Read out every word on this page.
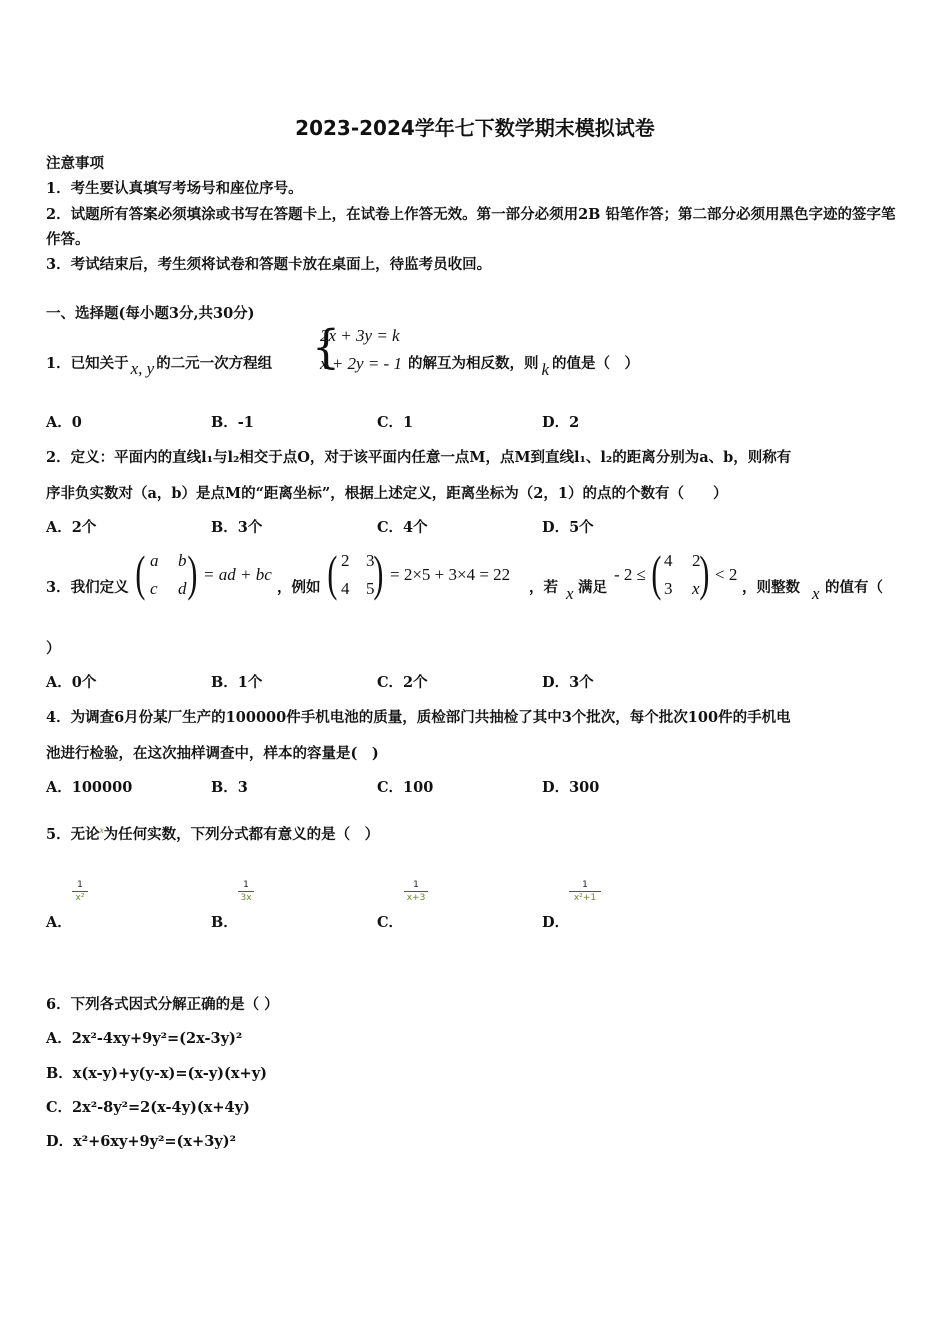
2023-2024学年七下数学期末模拟试卷
注意事项
1．考生要认真填写考场号和座位序号。
2．试题所有答案必须填涂或书写在答题卡上，在试卷上作答无效。第一部分必须用2B 铅笔作答；第二部分必须用黑色字迹的签字笔作答。
3．考试结束后，考生须将试卷和答题卡放在桌面上，待监考员收回。
一、选择题(每小题3分,共30分)
1．已知关于 x, y 的二元一次方程组 {
2x + 3y = k
x + 2y = - 1 的解互为相反数，则 k 的值是（　）
A．0	B．-1	C．1	D．2
2．定义：平面内的直线l₁与l₂相交于点O，对于该平面内任意一点M，点M到直线l₁、l₂的距离分别为a、b，则称有
序非负实数对（a，b）是点M的“距离坐标”，根据上述定义，距离坐标为（2，1）的点的个数有（　　）
A．2个	B．3个	C．4个	D．5个
3．我们定义 ( )
a b
c d
= ad + bc
，例如 ( )
2 3
4 5
= 2×5 + 3×4 = 22
，若 x 满足
- 2 ≤ ( )
4 2
3 x
< 2
，则整数 x 的值有（
）
A．0个	B．1个	C．2个	D．3个
4．为调查6月份某厂生产的100000件手机电池的质量，质检部门共抽检了其中3个批次，每个批次100件的手机电
池进行检验，在这次抽样调查中，样本的容量是(　)
A．100000	B．3	C．100	D．300
5．无论$^x$为任何实数，下列分式都有意义的是（　）
A．
$\frac{1}{\text{x²}}$
B．
$\frac{1}{3x}$
C．
$\frac{1}{x+3}$
D．
$\frac{1}{\text{x²+1}}$
6．下列各式因式分解正确的是（ ）
A．2x²-4xy+9y²=(2x-3y)²
B．x(x-y)+y(y-x)=(x-y)(x+y)
C．2x²-8y²=2(x-4y)(x+4y)
D．x²+6xy+9y²=(x+3y)²
